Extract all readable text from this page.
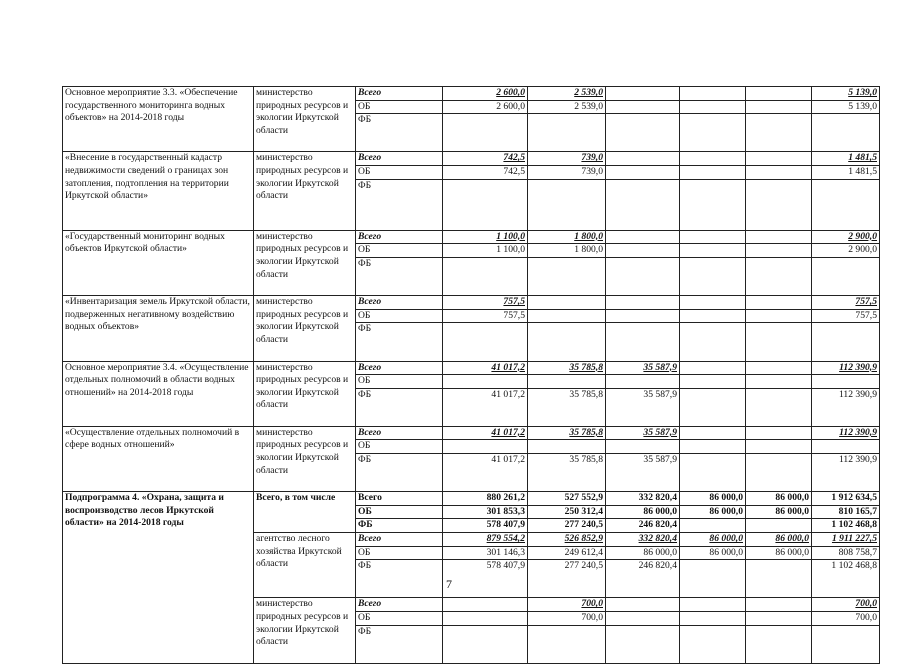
Основное мероприятие 3.3. «Обеспечение государственного мониторинга водных объектов» на 2014-2018 годы	министерство природных ресурсов и экологии Иркутской области	Всего	2 600,0	2 539,0				5 139,0
		ОБ	2 600,0	2 539,0				5 139,0
		ФБ						
«Внесение в государственный кадастр недвижимости сведений о границах зон затопления, подтопления на территории Иркутской области»	министерство природных ресурсов и экологии Иркутской области	Всего	742,5	739,0				1 481,5
		ОБ	742,5	739,0				1 481,5
		ФБ						
«Государственный мониторинг водных объектов Иркутской области»	министерство природных ресурсов и экологии Иркутской области	Всего	1 100,0	1 800,0				2 900,0
		ОБ	1 100,0	1 800,0				2 900,0
		ФБ						
«Инвентаризация земель Иркутской области, подверженных негативному воздействию водных объектов»	министерство природных ресурсов и экологии Иркутской области	Всего	757,5					757,5
		ОБ	757,5					757,5
		ФБ						
Основное мероприятие 3.4. «Осуществление отдельных полномочий в области водных отношений» на 2014-2018 годы	министерство природных ресурсов и экологии Иркутской области	Всего	41 017,2	35 785,8	35 587,9			112 390,9
		ОБ						
		ФБ	41 017,2	35 785,8	35 587,9			112 390,9
«Осуществление отдельных полномочий в сфере водных отношений»	министерство природных ресурсов и экологии Иркутской области	Всего	41 017,2	35 785,8	35 587,9			112 390,9
		ОБ						
		ФБ	41 017,2	35 785,8	35 587,9			112 390,9
Подпрограмма 4. «Охрана, защита и воспроизводство лесов Иркутской области» на 2014-2018 годы	Всего, в том числе	Всего	880 261,2	527 552,9	332 820,4	86 000,0	86 000,0	1 912 634,5
		ОБ	301 853,3	250 312,4	86 000,0	86 000,0	86 000,0	810 165,7
		ФБ	578 407,9	277 240,5	246 820,4			1 102 468,8
	агентство лесного хозяйства Иркутской области	Всего	879 554,2	526 852,9	332 820,4	86 000,0	86 000,0	1 911 227,5
		ОБ	301 146,3	249 612,4	86 000,0	86 000,0	86 000,0	808 758,7
		ФБ	578 407,9	277 240,5	246 820,4			1 102 468,8
	министерство природных ресурсов и экологии Иркутской области	Всего		700,0				700,0
		ОБ		700,0				700,0
		ФБ						
7
